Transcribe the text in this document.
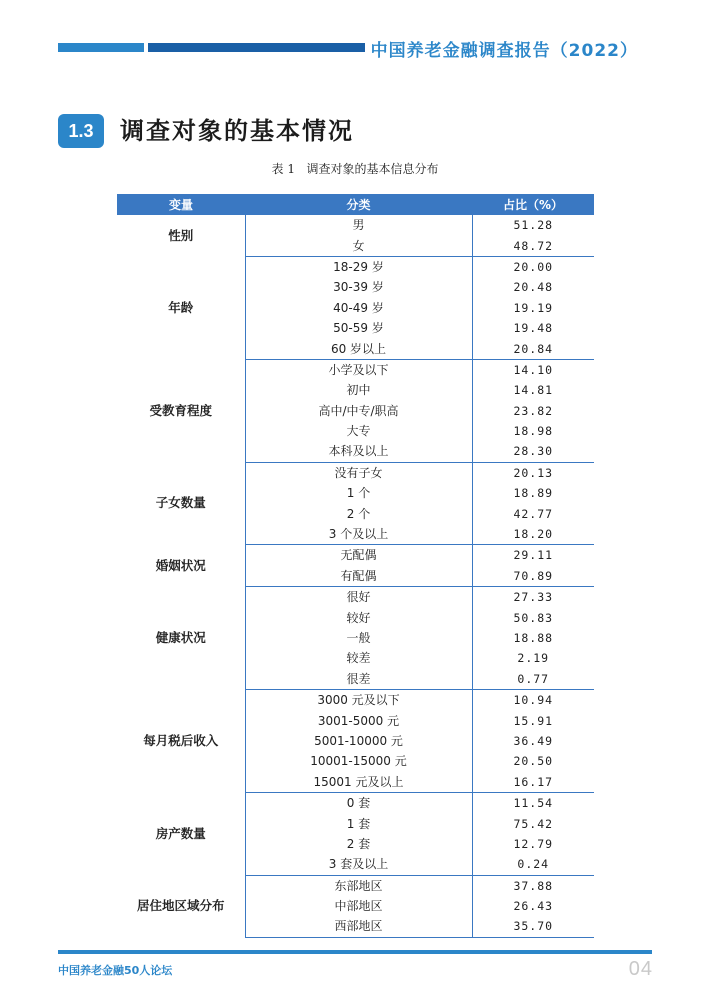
中国养老金融调查报告（2022）
1.3	调查对象的基本情况
表 1 调查对象的基本信息分布
变量	分类	占比（%）
性别	男	51.28
	女	48.72
年龄	18-29 岁	20.00
	30-39 岁	20.48
	40-49 岁	19.19
	50-59 岁	19.48
	60 岁以上	20.84
受教育程度	小学及以下	14.10
	初中	14.81
	高中/中专/职高	23.82
	大专	18.98
	本科及以上	28.30
子女数量	没有子女	20.13
	1 个	18.89
	2 个	42.77
	3 个及以上	18.20
婚姻状况	无配偶	29.11
	有配偶	70.89
健康状况	很好	27.33
	较好	50.83
	一般	18.88
	较差	2.19
	很差	0.77
每月税后收入	3000 元及以下	10.94
	3001-5000 元	15.91
	5001-10000 元	36.49
	10001-15000 元	20.50
	15001 元及以上	16.17
房产数量	0 套	11.54
	1 套	75.42
	2 套	12.79
	3 套及以上	0.24
居住地区域分布	东部地区	37.88
	中部地区	26.43
	西部地区	35.70
中国养老金融50人论坛	04
